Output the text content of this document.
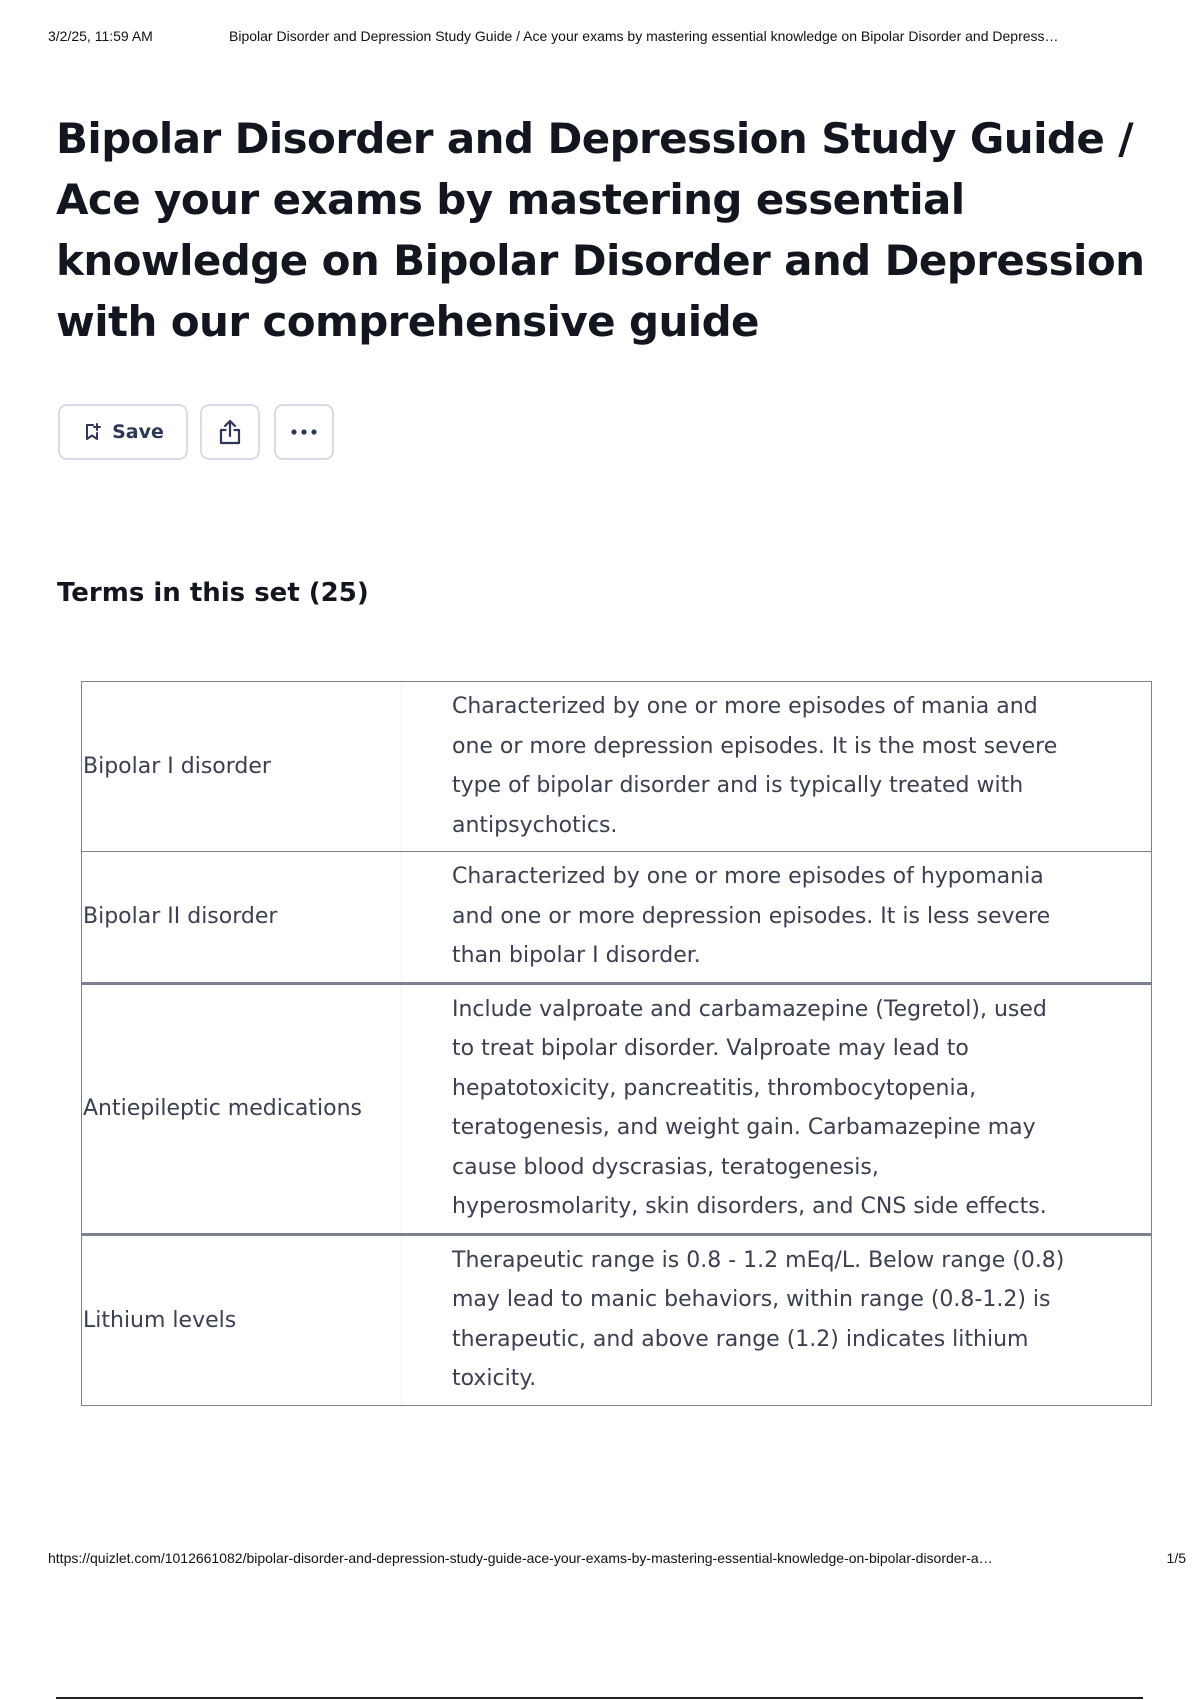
3/2/25, 11:59 AM	Bipolar Disorder and Depression Study Guide / Ace your exams by mastering essential knowledge on Bipolar Disorder and Depress…
Bipolar Disorder and Depression Study Guide / Ace your exams by mastering essential knowledge on Bipolar Disorder and Depression with our comprehensive guide
Save
Terms in this set (25)
Bipolar I disorder
Characterized by one or more episodes of mania and one or more depression episodes. It is the most severe type of bipolar disorder and is typically treated with antipsychotics.
Bipolar II disorder
Characterized by one or more episodes of hypomania and one or more depression episodes. It is less severe than bipolar I disorder.
Antiepileptic medications
Include valproate and carbamazepine (Tegretol), used to treat bipolar disorder. Valproate may lead to hepatotoxicity, pancreatitis, thrombocytopenia, teratogenesis, and weight gain. Carbamazepine may cause blood dyscrasias, teratogenesis, hyperosmolarity, skin disorders, and CNS side effects.
Lithium levels
Therapeutic range is 0.8 - 1.2 mEq/L. Below range (0.8) may lead to manic behaviors, within range (0.8-1.2) is therapeutic, and above range (1.2) indicates lithium toxicity.
https://quizlet.com/1012661082/bipolar-disorder-and-depression-study-guide-ace-your-exams-by-mastering-essential-knowledge-on-bipolar-disorder-a…	1/5
